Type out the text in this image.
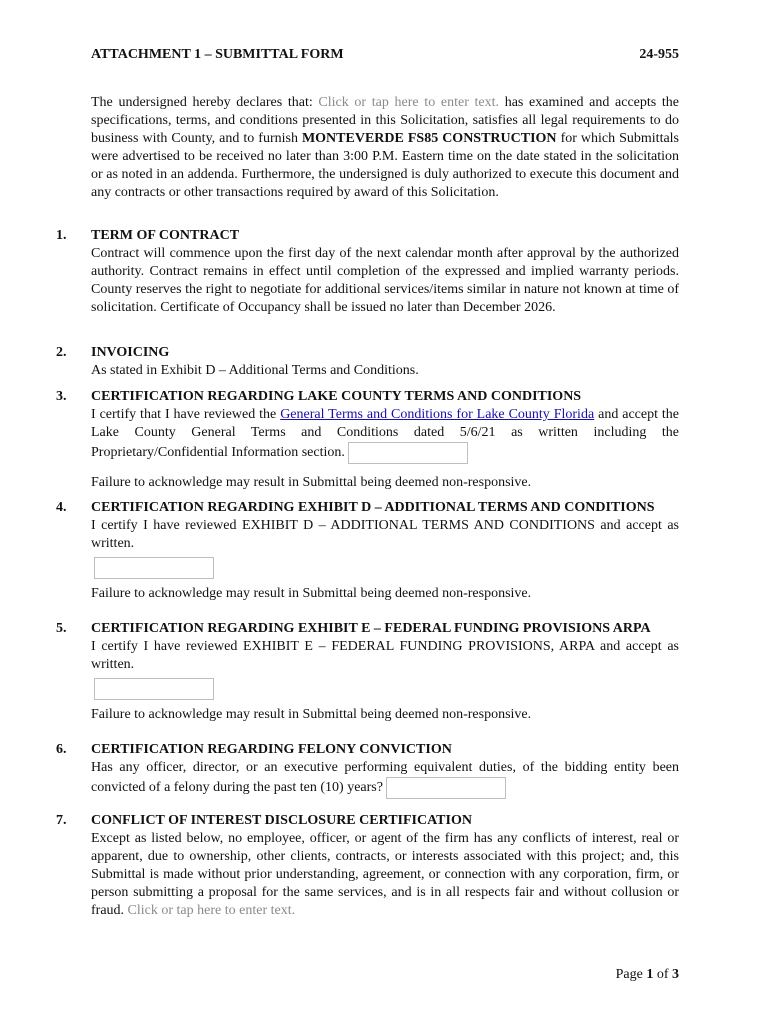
ATTACHMENT 1 – SUBMITTAL FORM	24-955
The undersigned hereby declares that: Click or tap here to enter text. has examined and accepts the specifications, terms, and conditions presented in this Solicitation, satisfies all legal requirements to do business with County, and to furnish MONTEVERDE FS85 CONSTRUCTION for which Submittals were advertised to be received no later than 3:00 P.M. Eastern time on the date stated in the solicitation or as noted in an addenda. Furthermore, the undersigned is duly authorized to execute this document and any contracts or other transactions required by award of this Solicitation.
1. TERM OF CONTRACT
Contract will commence upon the first day of the next calendar month after approval by the authorized authority. Contract remains in effect until completion of the expressed and implied warranty periods. County reserves the right to negotiate for additional services/items similar in nature not known at time of solicitation. Certificate of Occupancy shall be issued no later than December 2026.
2. INVOICING
As stated in Exhibit D – Additional Terms and Conditions.
3. CERTIFICATION REGARDING LAKE COUNTY TERMS AND CONDITIONS
I certify that I have reviewed the General Terms and Conditions for Lake County Florida and accept the Lake County General Terms and Conditions dated 5/6/21 as written including the Proprietary/Confidential Information section.
Failure to acknowledge may result in Submittal being deemed non-responsive.
4. CERTIFICATION REGARDING EXHIBIT D – ADDITIONAL TERMS AND CONDITIONS
I certify I have reviewed EXHIBIT D – ADDITIONAL TERMS AND CONDITIONS and accept as written.
Failure to acknowledge may result in Submittal being deemed non-responsive.
5. CERTIFICATION REGARDING EXHIBIT E – FEDERAL FUNDING PROVISIONS ARPA
I certify I have reviewed EXHIBIT E – FEDERAL FUNDING PROVISIONS, ARPA and accept as written.
Failure to acknowledge may result in Submittal being deemed non-responsive.
6. CERTIFICATION REGARDING FELONY CONVICTION
Has any officer, director, or an executive performing equivalent duties, of the bidding entity been convicted of a felony during the past ten (10) years?
7. CONFLICT OF INTEREST DISCLOSURE CERTIFICATION
Except as listed below, no employee, officer, or agent of the firm has any conflicts of interest, real or apparent, due to ownership, other clients, contracts, or interests associated with this project; and, this Submittal is made without prior understanding, agreement, or connection with any corporation, firm, or person submitting a proposal for the same services, and is in all respects fair and without collusion or fraud. Click or tap here to enter text.
Page 1 of 3
